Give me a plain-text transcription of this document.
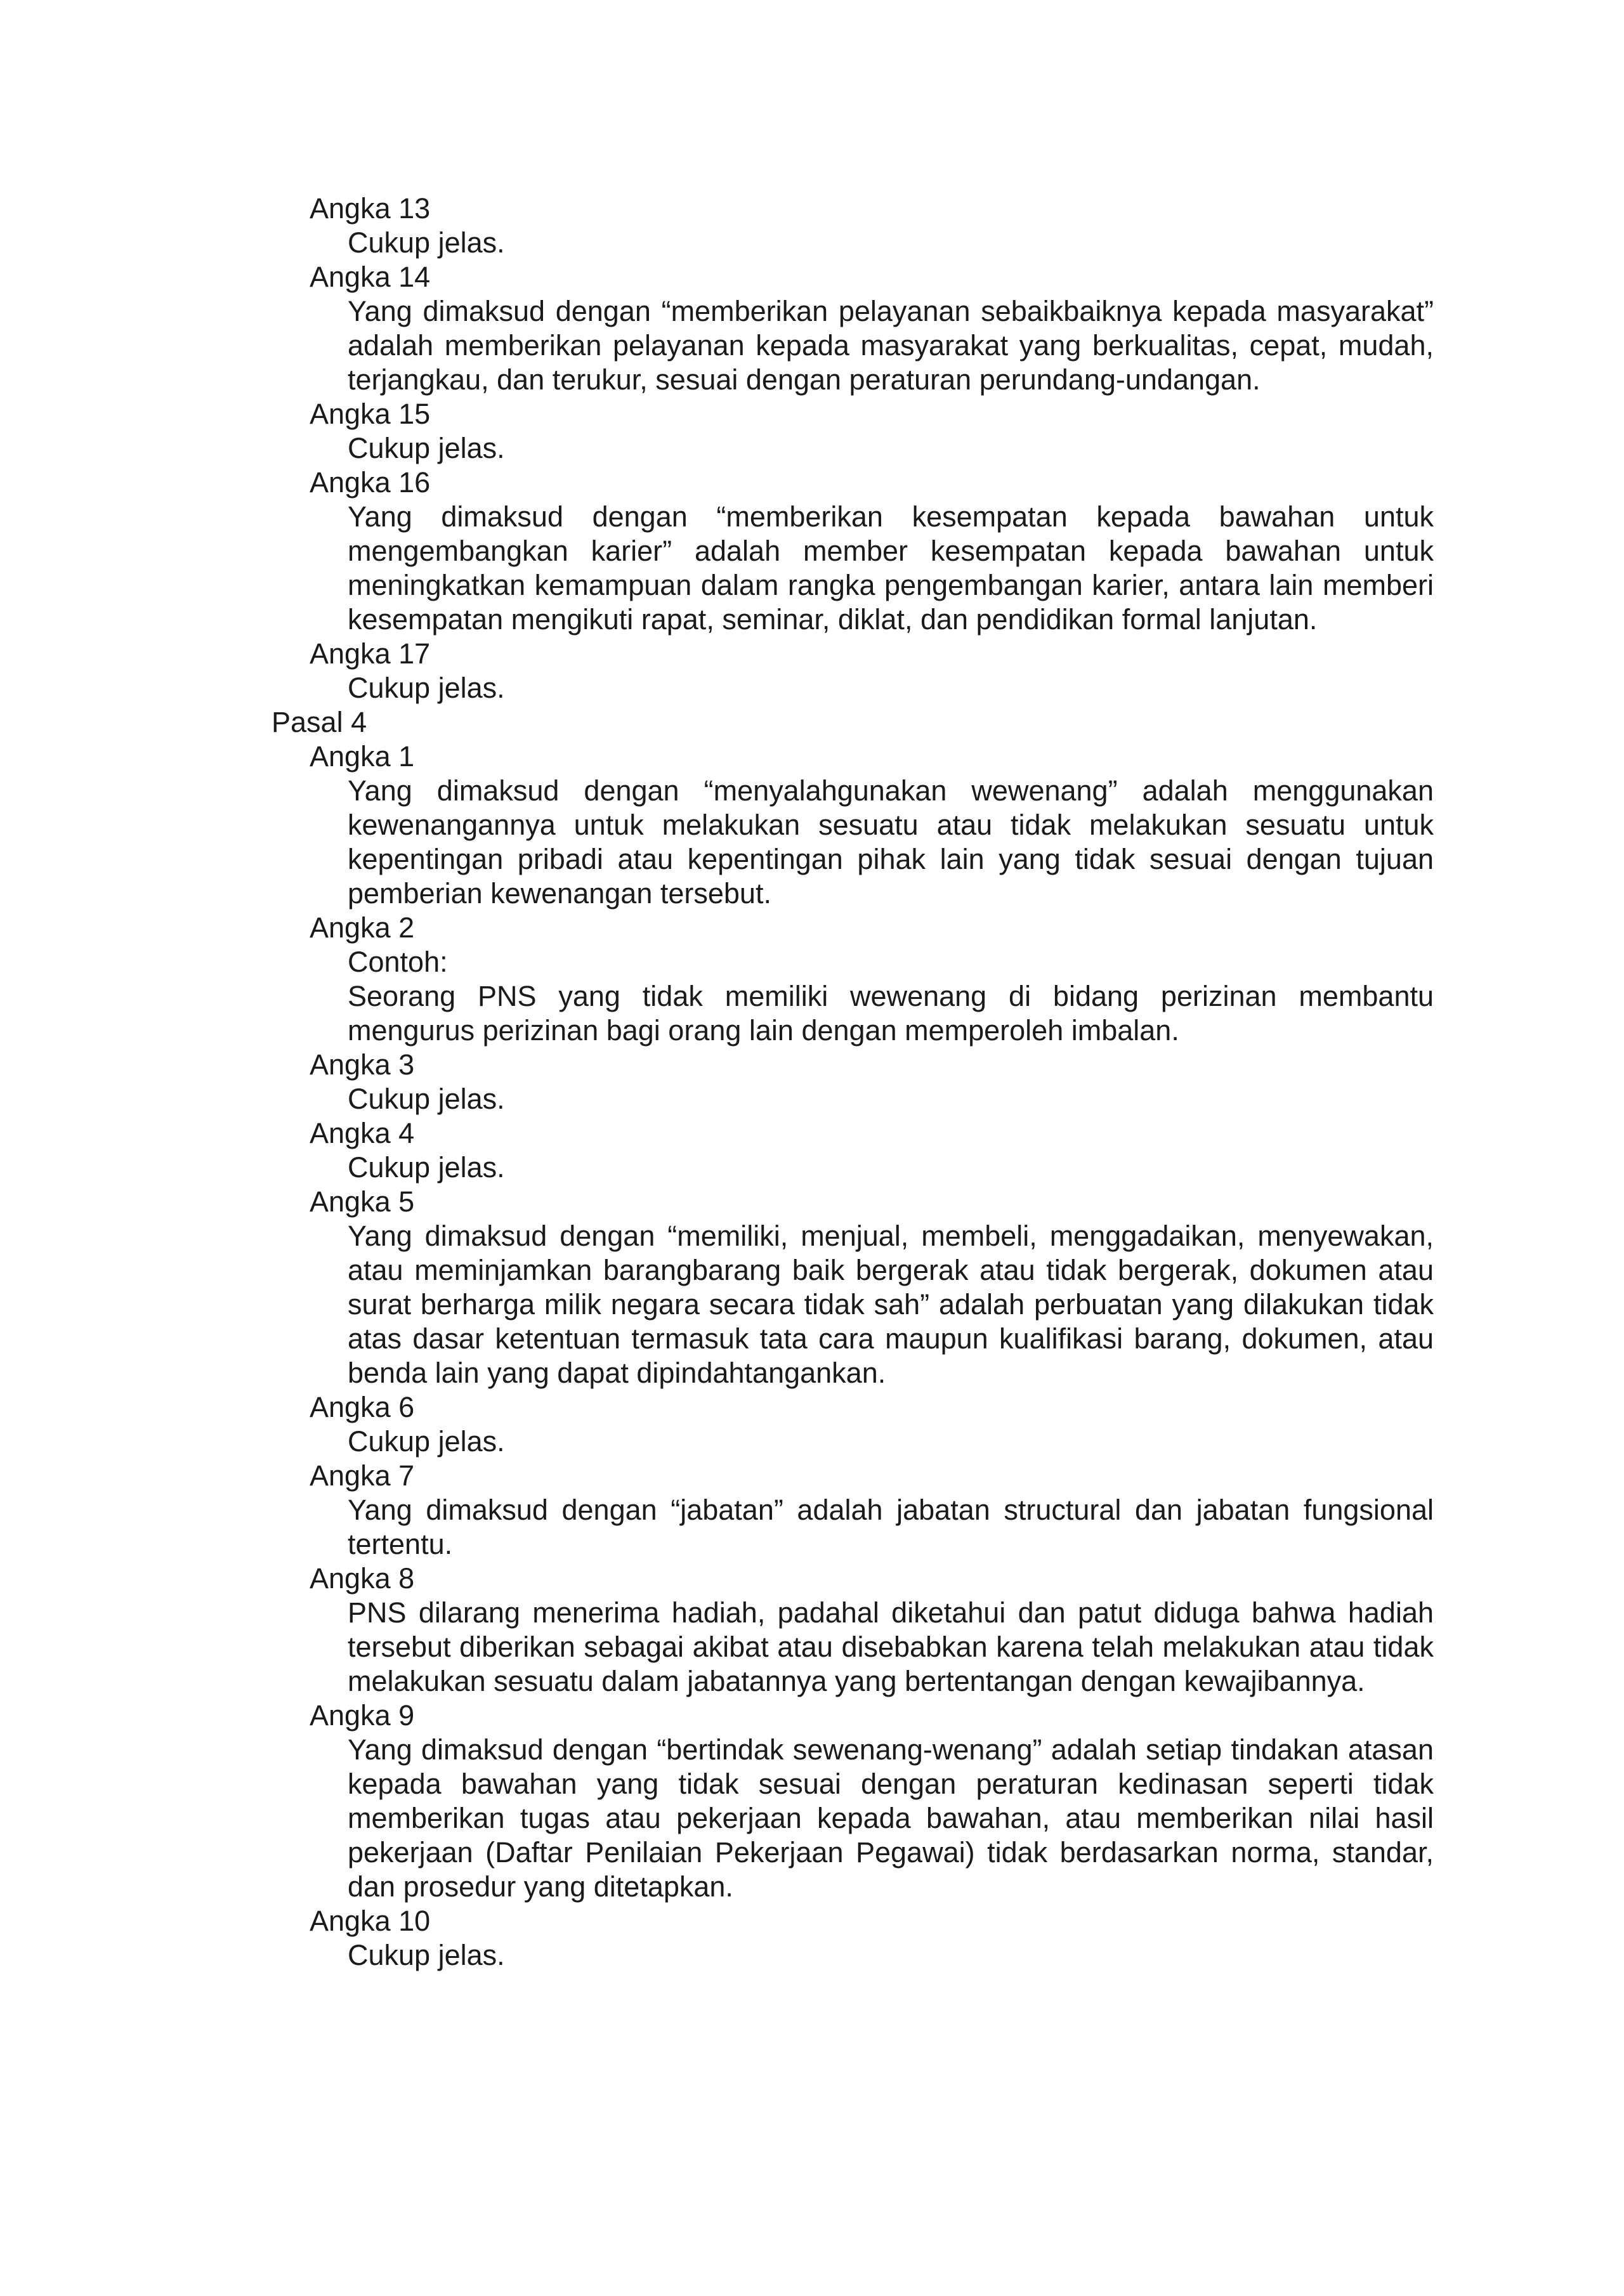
Angka 13
Cukup jelas.
Angka 14
Yang dimaksud dengan “memberikan pelayanan sebaikbaiknya kepada masyarakat” adalah memberikan pelayanan kepada masyarakat yang berkualitas, cepat, mudah, terjangkau, dan terukur, sesuai dengan peraturan perundang-undangan.
Angka 15
Cukup jelas.
Angka 16
Yang dimaksud dengan “memberikan kesempatan kepada bawahan untuk mengembangkan karier” adalah member kesempatan kepada bawahan untuk meningkatkan kemampuan dalam rangka pengembangan karier, antara lain memberi kesempatan mengikuti rapat, seminar, diklat, dan pendidikan formal lanjutan.
Angka 17
Cukup jelas.
Pasal 4
Angka 1
Yang dimaksud dengan “menyalahgunakan wewenang” adalah menggunakan kewenangannya untuk melakukan sesuatu atau tidak melakukan sesuatu untuk kepentingan pribadi atau kepentingan pihak lain yang tidak sesuai dengan tujuan pemberian kewenangan tersebut.
Angka 2
Contoh:
Seorang PNS yang tidak memiliki wewenang di bidang perizinan membantu mengurus perizinan bagi orang lain dengan memperoleh imbalan.
Angka 3
Cukup jelas.
Angka 4
Cukup jelas.
Angka 5
Yang dimaksud dengan “memiliki, menjual, membeli, menggadaikan, menyewakan, atau meminjamkan barangbarang baik bergerak atau tidak bergerak, dokumen atau surat berharga milik negara secara tidak sah” adalah perbuatan yang dilakukan tidak atas dasar ketentuan termasuk tata cara maupun kualifikasi barang, dokumen, atau benda lain yang dapat dipindahtangankan.
Angka 6
Cukup jelas.
Angka 7
Yang dimaksud dengan “jabatan” adalah jabatan structural dan jabatan fungsional tertentu.
Angka 8
PNS dilarang menerima hadiah, padahal diketahui dan patut diduga bahwa hadiah tersebut diberikan sebagai akibat atau disebabkan karena telah melakukan atau tidak melakukan sesuatu dalam jabatannya yang bertentangan dengan kewajibannya.
Angka 9
Yang dimaksud dengan “bertindak sewenang-wenang” adalah setiap tindakan atasan kepada bawahan yang tidak sesuai dengan peraturan kedinasan seperti tidak memberikan tugas atau pekerjaan kepada bawahan, atau memberikan nilai hasil pekerjaan (Daftar Penilaian Pekerjaan Pegawai) tidak berdasarkan norma, standar, dan prosedur yang ditetapkan.
Angka 10
Cukup jelas.
